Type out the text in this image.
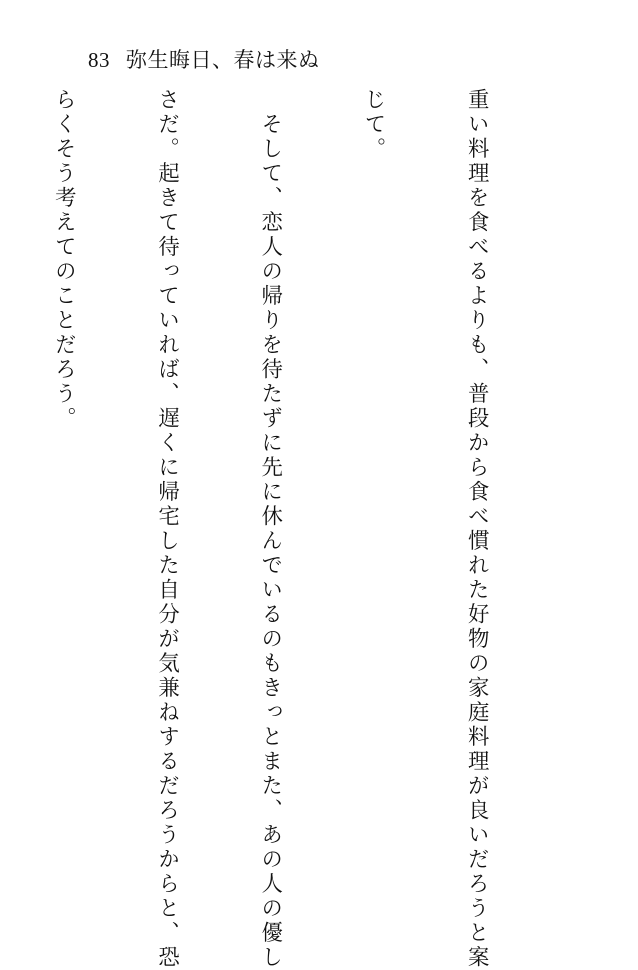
83 弥生晦日、春は来ぬ

重い料理を食べるよりも、普段から食べ慣れた好物の家庭料理が良いだろうと案

じて。

　そして、恋人の帰りを待たずに先に休んでいるのもきっとまた、あの人の優し

さだ。起きて待っていれば、遅くに帰宅した自分が気兼ねするだろうからと、恐

らくそう考えてのことだろう。
